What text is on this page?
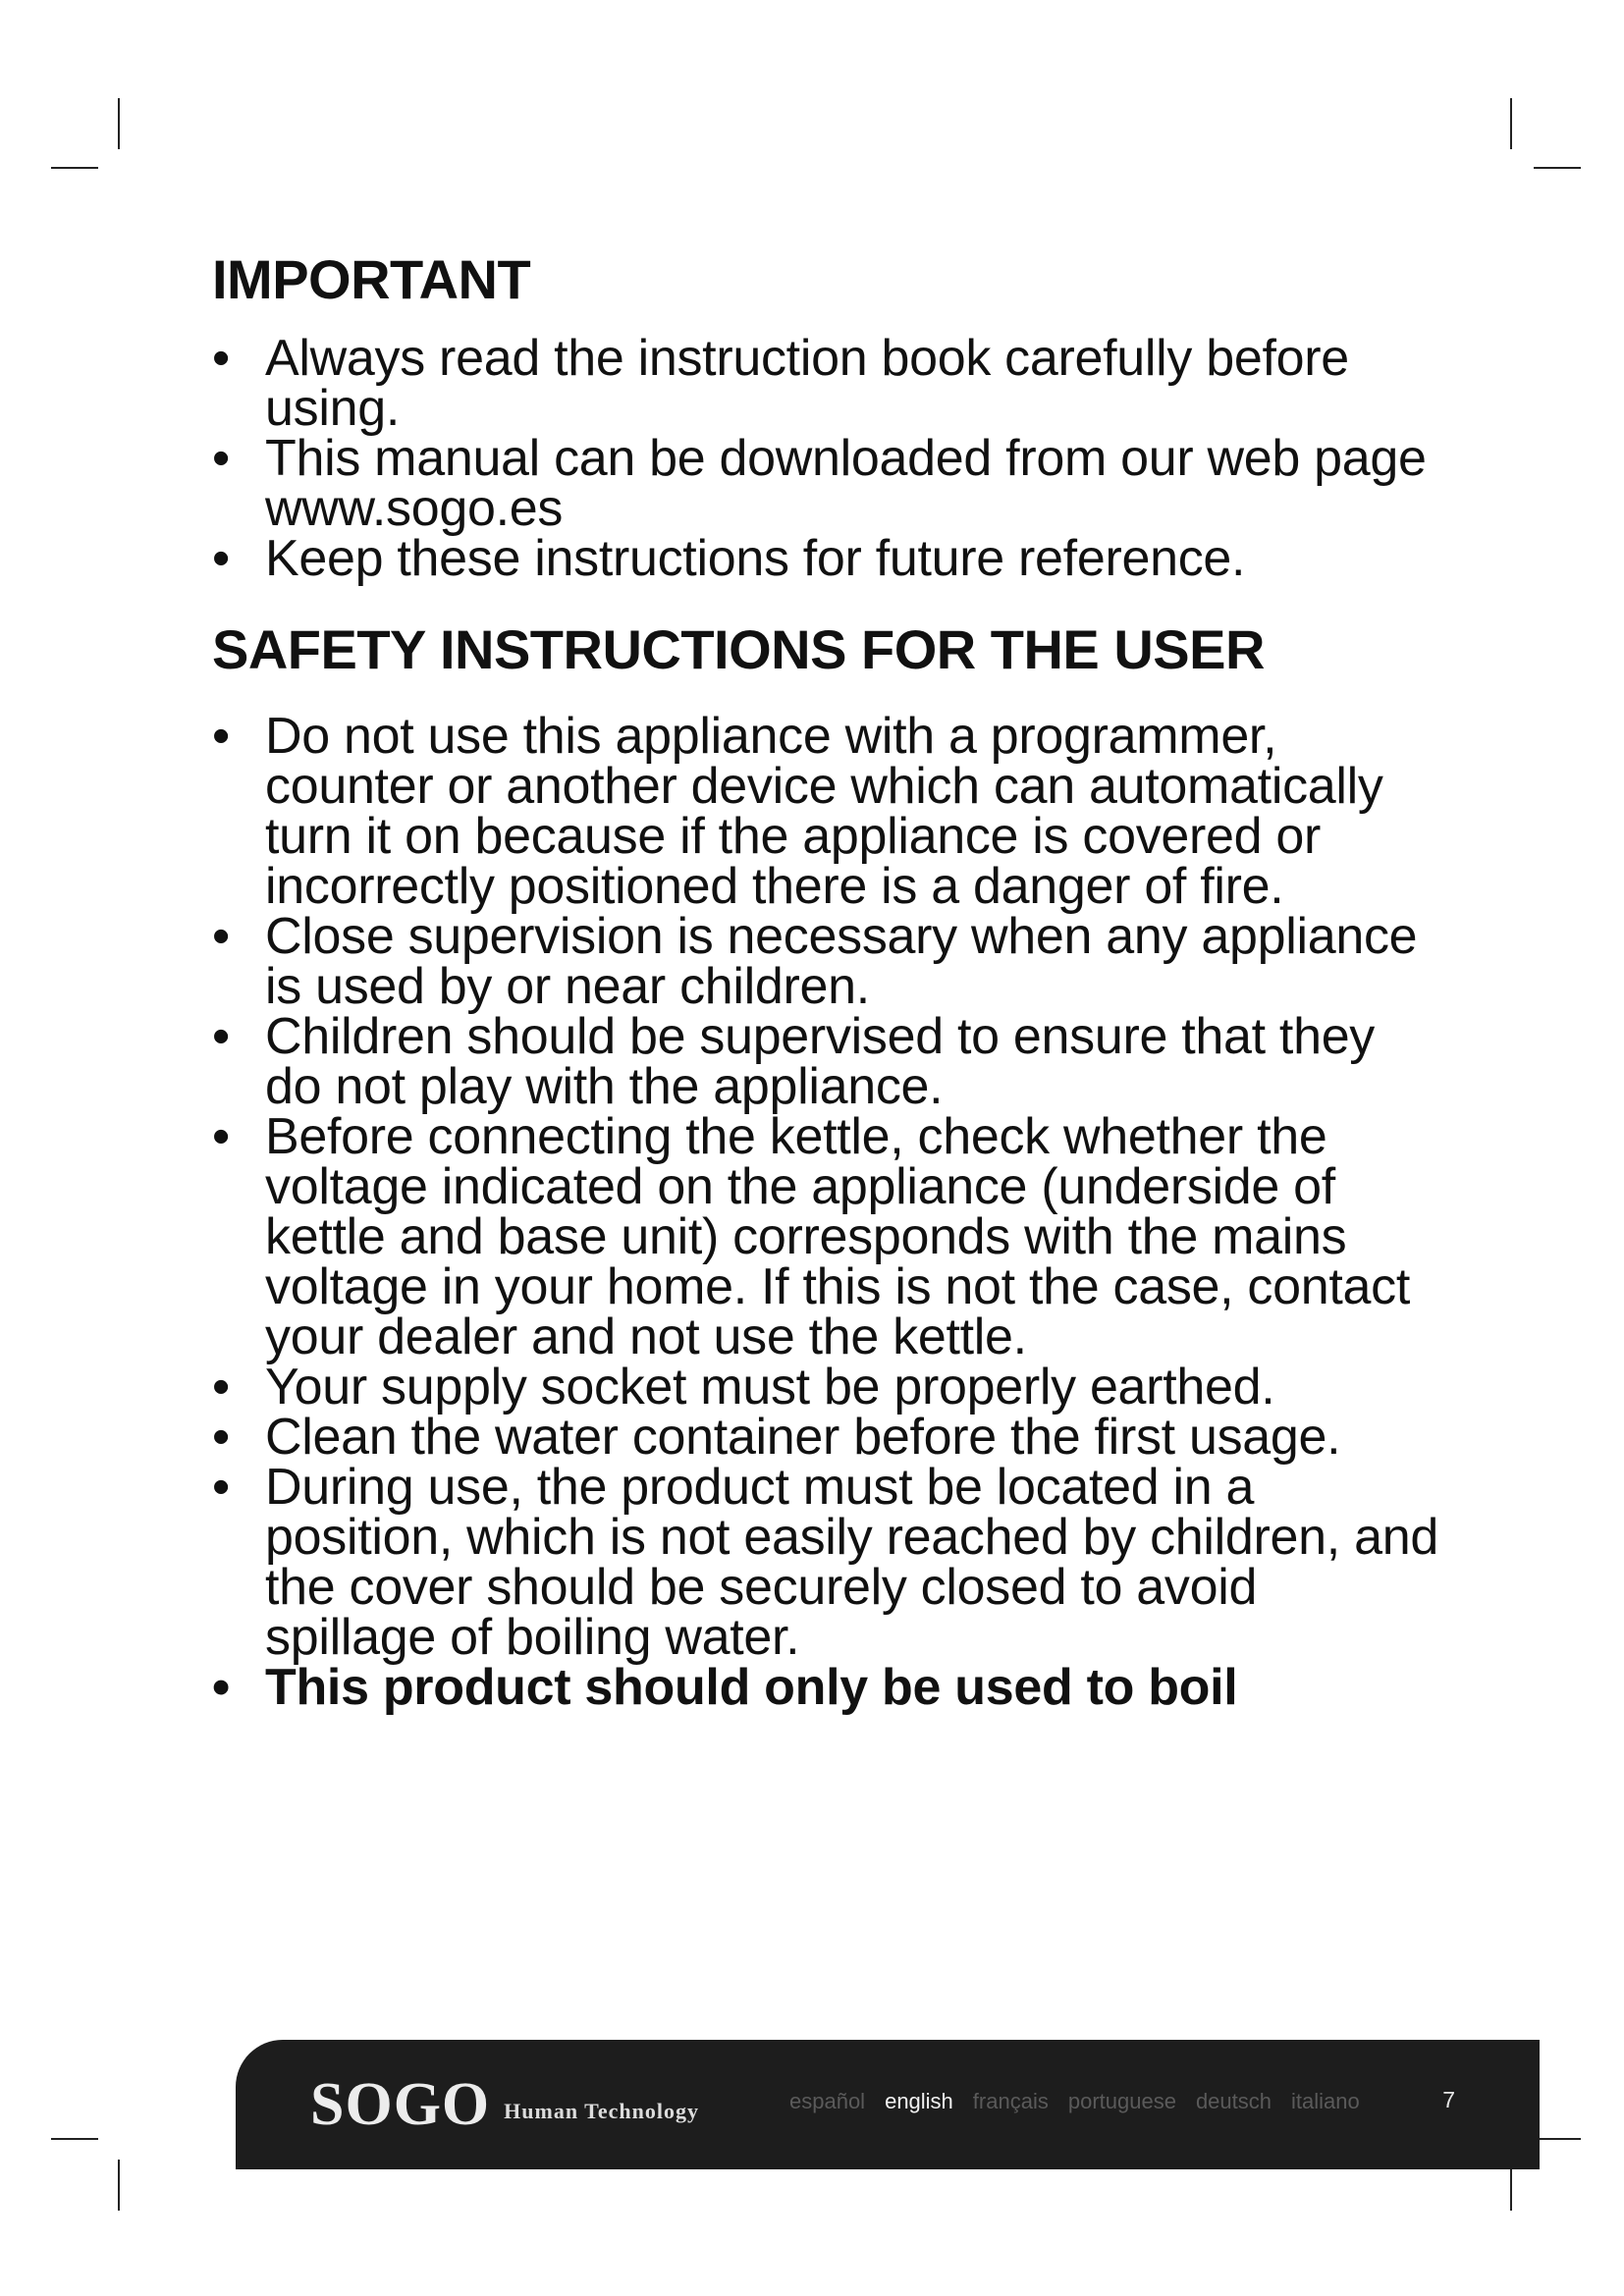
IMPORTANT
• Always read the instruction book carefully before using.
• This manual can be downloaded from our web page www.sogo.es
• Keep these instructions for future reference.
SAFETY INSTRUCTIONS FOR THE USER
• Do not use this appliance with a programmer, counter or another device which can automatically turn it on because if the appliance is covered or incorrectly positioned there is a danger of fire.
• Close supervision is necessary when any appliance is used by or near children.
• Children should be supervised to ensure that they do not play with the appliance.
• Before connecting the kettle, check whether the voltage indicated on the appliance (underside of kettle and base unit) corresponds with the mains voltage in your home. If this is not the case, contact your dealer and not use the kettle.
• Your supply socket must be properly earthed.
• Clean the water container before the first usage.
• During use, the product must be located in a position, which is not easily reached by children, and the cover should be securely closed to avoid spillage of boiling water.
• This product should only be used to boil
SOGO Human Technology	español english français portuguese deutsch italiano	7
